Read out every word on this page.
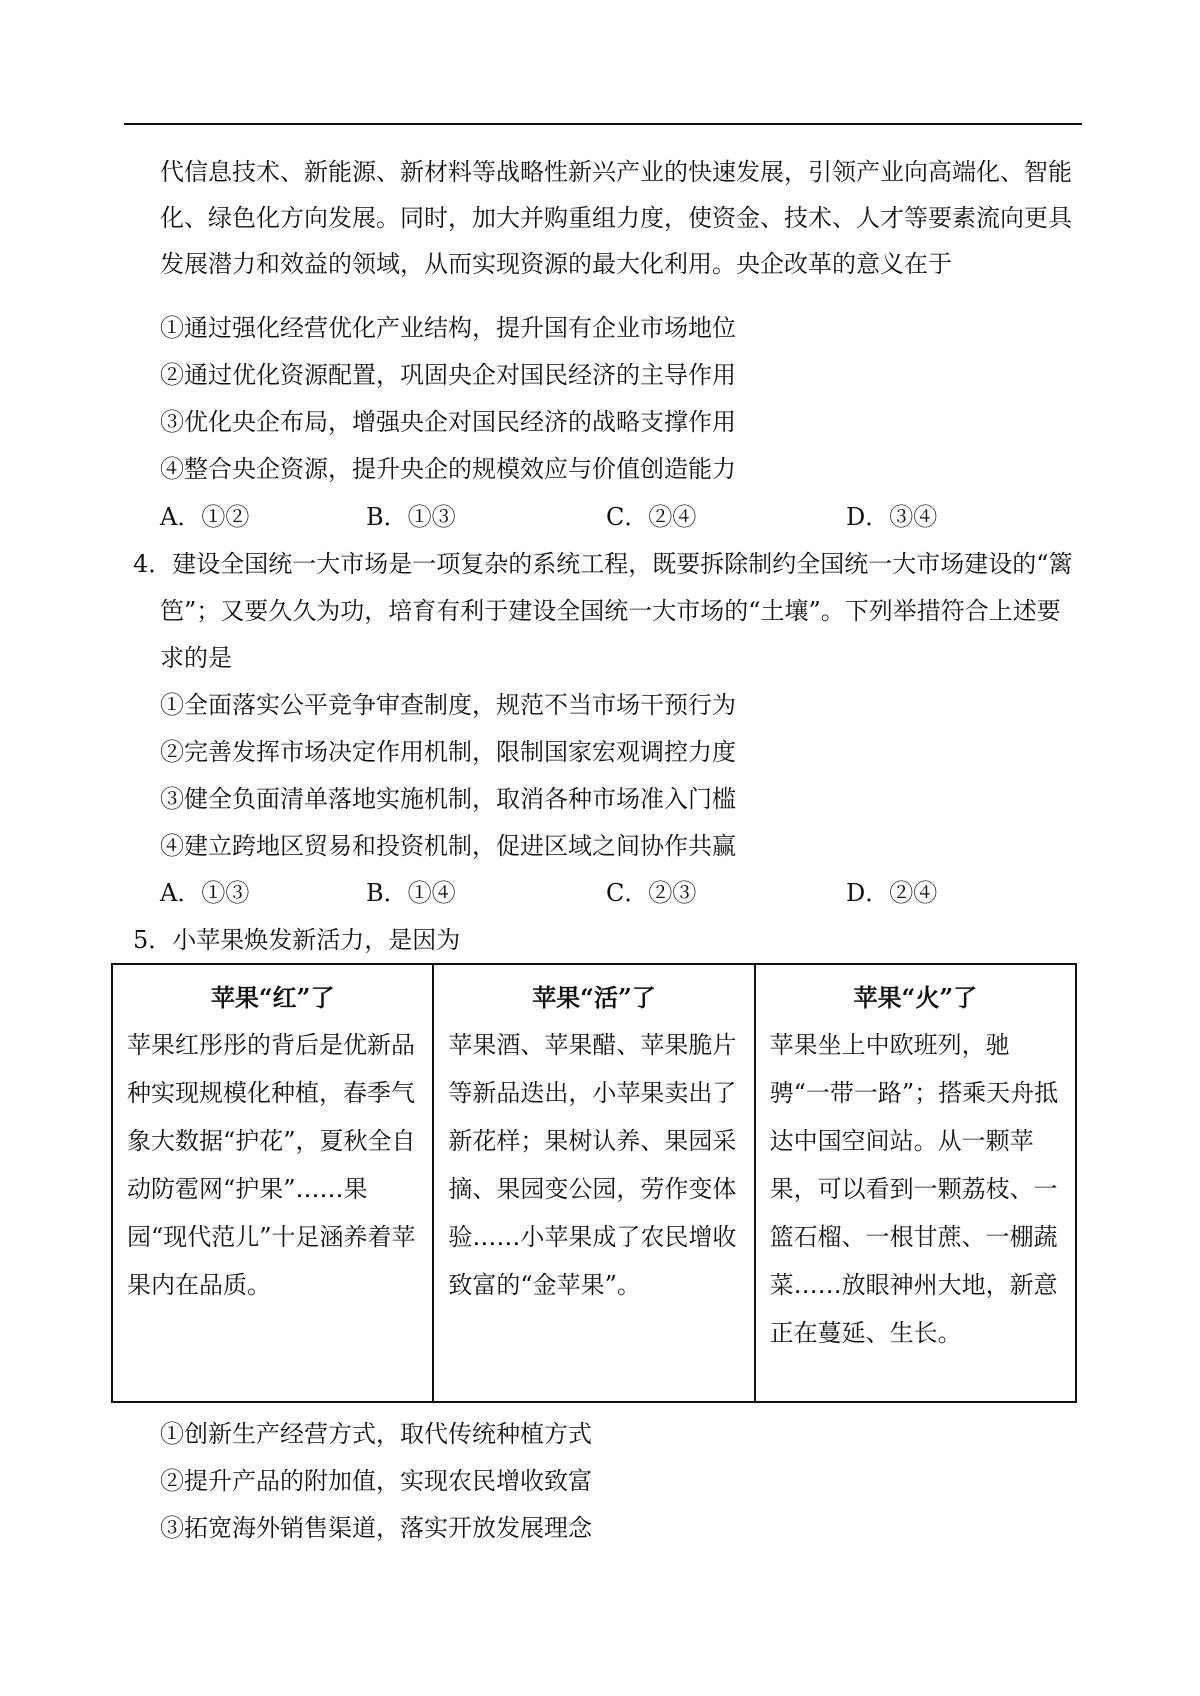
代信息技术、新能源、新材料等战略性新兴产业的快速发展，引领产业向高端化、智能
化、绿色化方向发展。同时，加大并购重组力度，使资金、技术、人才等要素流向更具
发展潜力和效益的领域，从而实现资源的最大化利用。央企改革的意义在于
①通过强化经营优化产业结构，提升国有企业市场地位
②通过优化资源配置，巩固央企对国民经济的主导作用
③优化央企布局，增强央企对国民经济的战略支撑作用
④整合央企资源，提升央企的规模效应与价值创造能力
A．①②	B．①③	C．②④	D．③④
4．建设全国统一大市场是一项复杂的系统工程，既要拆除制约全国统一大市场建设的“篱
笆”；又要久久为功，培育有利于建设全国统一大市场的“土壤”。下列举措符合上述要
求的是
①全面落实公平竞争审查制度，规范不当市场干预行为
②完善发挥市场决定作用机制，限制国家宏观调控力度
③健全负面清单落地实施机制，取消各种市场准入门槛
④建立跨地区贸易和投资机制，促进区域之间协作共赢
A．①③	B．①④	C．②③	D．②④
5．小苹果焕发新活力，是因为
苹果“红”了
苹果红彤彤的背后是优新品种实现规模化种植，春季气象大数据“护花”，夏秋全自动防雹网“护果”……果园“现代范儿”十足涵养着苹果内在品质。

苹果“活”了
苹果酒、苹果醋、苹果脆片等新品迭出，小苹果卖出了新花样；果树认养、果园采摘、果园变公园，劳作变体验……小苹果成了农民增收致富的“金苹果”。

苹果“火”了
苹果坐上中欧班列，驰骋“一带一路”；搭乘天舟抵达中国空间站。从一颗苹果，可以看到一颗荔枝、一篮石榴、一根甘蔗、一棚蔬菜……放眼神州大地，新意正在蔓延、生长。
①创新生产经营方式，取代传统种植方式
②提升产品的附加值，实现农民增收致富
③拓宽海外销售渠道，落实开放发展理念
